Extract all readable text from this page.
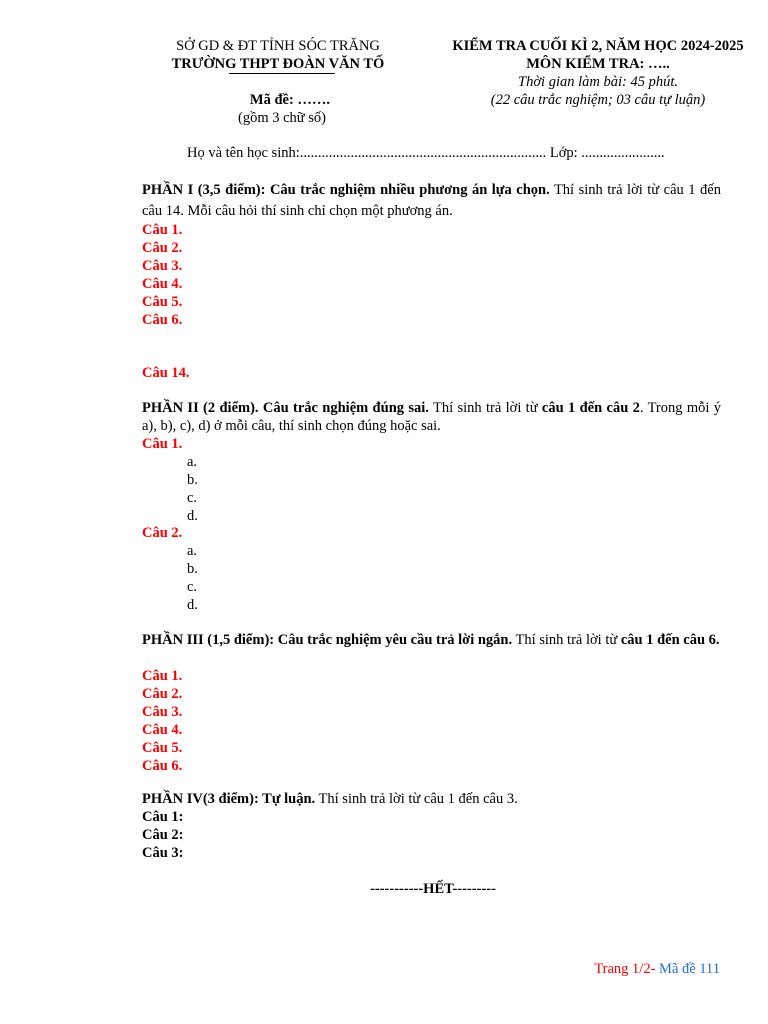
SỞ GD & ĐT TỈNH SÓC TRĂNG
TRƯỜNG THPT ĐOÀN VĂN TỐ
Mã đề: …….
(gồm 3 chữ số)
KIỂM TRA CUỐI KÌ 2, NĂM HỌC 2024-2025
MÔN KIỂM TRA: …..
Thời gian làm bài: 45 phút.
(22 câu trắc nghiệm; 03 câu tự luận)
Họ và tên học sinh:.................................................................... Lớp: .......................
PHẦN I (3,5 điểm): Câu trắc nghiệm nhiều phương án lựa chọn. Thí sinh trả lời từ câu 1 đến câu 14. Mỗi câu hỏi thí sinh chỉ chọn một phương án.
Câu 1.
Câu 2.
Câu 3.
Câu 4.
Câu 5.
Câu 6.
Câu 14.
PHẦN II (2 điểm). Câu trắc nghiệm đúng sai. Thí sinh trả lời từ câu 1 đến câu 2. Trong mỗi ý a), b), c), d) ở mỗi câu, thí sinh chọn đúng hoặc sai.
Câu 1.
a.
b.
c.
d.
Câu 2.
a.
b.
c.
d.
PHẦN III (1,5 điểm): Câu trắc nghiệm yêu cầu trả lời ngắn. Thí sinh trả lời từ câu 1 đến câu 6.
Câu 1.
Câu 2.
Câu 3.
Câu 4.
Câu 5.
Câu 6.
PHẦN IV(3 điểm): Tự luận. Thí sinh trả lời từ câu 1 đến câu 3.
Câu 1:
Câu 2:
Câu 3:
-----------HẾT---------
Trang 1/2- Mã đề 111
